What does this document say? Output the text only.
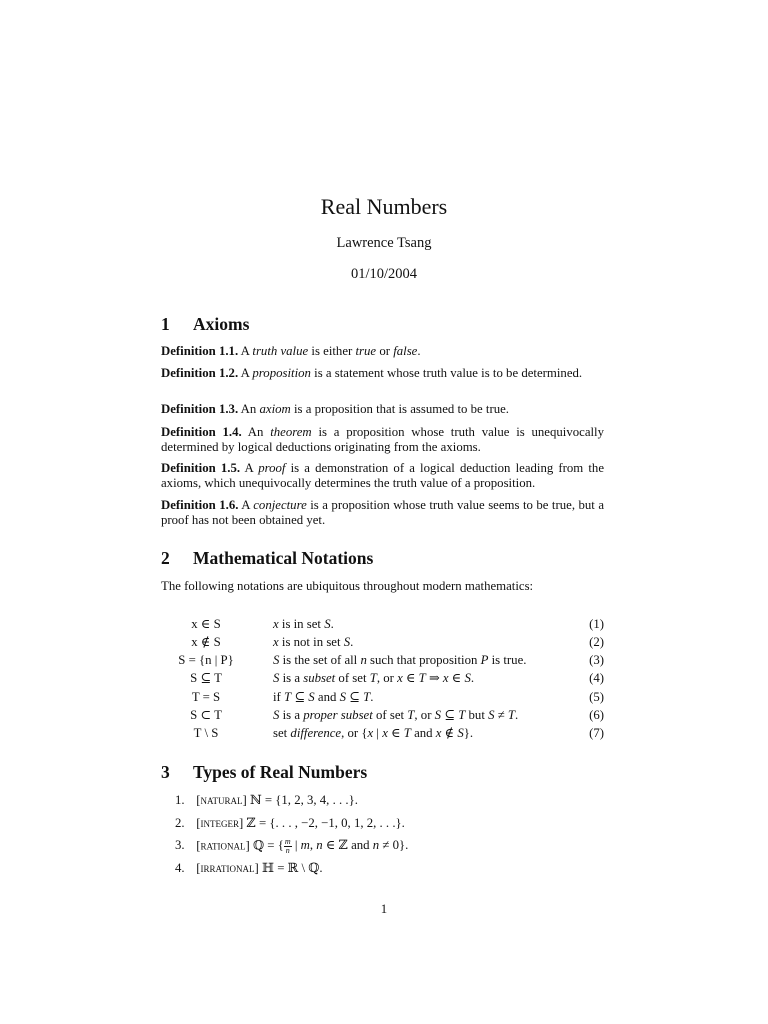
Real Numbers
Lawrence Tsang
01/10/2004
1 Axioms
Definition 1.1. A truth value is either true or false.
Definition 1.2. A proposition is a statement whose truth value is to be determined.
Definition 1.3. An axiom is a proposition that is assumed to be true.
Definition 1.4. An theorem is a proposition whose truth value is unequivocally determined by logical deductions originating from the axioms.
Definition 1.5. A proof is a demonstration of a logical deduction leading from the axioms, which unequivocally determines the truth value of a proposition.
Definition 1.6. A conjecture is a proposition whose truth value seems to be true, but a proof has not been obtained yet.
2 Mathematical Notations
The following notations are ubiquitous throughout modern mathematics:
x ∈ S	x is in set S.	(1)
x ∉ S	x is not in set S.	(2)
S = {n | P}	S is the set of all n such that proposition P is true.	(3)
S ⊆ T	S is a subset of set T, or x ∈ T ⇒ x ∈ S.	(4)
T = S	if T ⊆ S and S ⊆ T.	(5)
S ⊂ T	S is a proper subset of set T, or S ⊆ T but S ≠ T.	(6)
T \ S	set difference, or {x | x ∈ T and x ∉ S}.	(7)
3 Types of Real Numbers
1. [natural] ℕ = {1, 2, 3, 4, . . .}.
2. [integer] ℤ = {. . . , −2, −1, 0, 1, 2, . . .}.
3. [rational] ℚ = { $\frac{m}{n}$ | m, n ∈ ℤ and n ≠ 0}.
4. [irrational] ℍ = ℝ \ ℚ.
1
